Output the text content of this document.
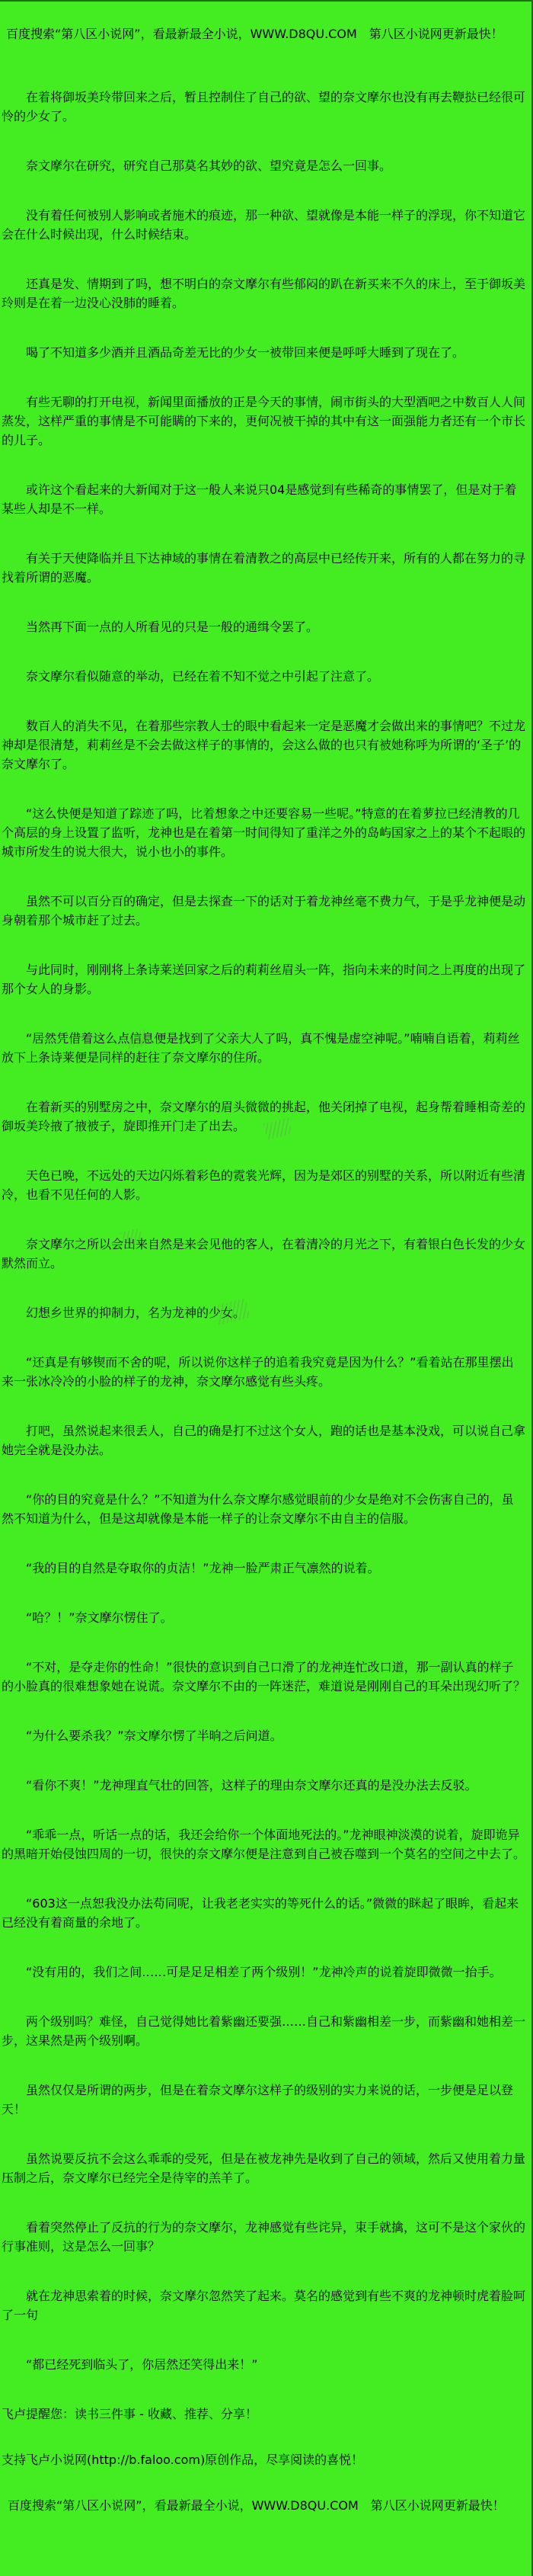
百度搜索“第八区小说网”，看最新最全小说，WWW.D8QU.COM　第八区小说网更新最快！

在着将御坂美玲带回来之后，暂且控制住了自己的欲、望的奈文摩尔也没有再去鞭挞已经很可怜的少女了。

奈文摩尔在研究，研究自己那莫名其妙的欲、望究竟是怎么一回事。

没有着任何被别人影响或者施术的痕迹，那一种欲、望就像是本能一样子的浮现，你不知道它会在什么时候出现，什么时候结束。

还真是发、情期到了吗，想不明白的奈文摩尔有些郁闷的趴在新买来不久的床上，至于御坂美玲则是在着一边没心没肺的睡着。

喝了不知道多少酒并且酒品奇差无比的少女一被带回来便是呼呼大睡到了现在了。

有些无聊的打开电视，新闻里面播放的正是今天的事情，闹市街头的大型酒吧之中数百人人间蒸发，这样严重的事情是不可能瞒的下来的，更何况被干掉的其中有这一面强能力者还有一个市长的儿子。

或许这个看起来的大新闻对于这一般人来说只04是感觉到有些稀奇的事情罢了，但是对于着某些人却是不一样。

有关于天使降临并且下达神域的事情在着清教之的高层中已经传开来，所有的人都在努力的寻找着所谓的恶魔。

当然再下面一点的人所看见的只是一般的通缉令罢了。

奈文摩尔看似随意的举动，已经在着不知不觉之中引起了注意了。

数百人的消失不见，在着那些宗教人士的眼中看起来一定是恶魔才会做出来的事情吧？不过龙神却是很清楚，莉莉丝是不会去做这样子的事情的，会这么做的也只有被她称呼为所谓的‘圣子’的奈文摩尔了。

“这么快便是知道了踪迹了吗，比着想象之中还要容易一些呢。”特意的在着萝拉已经清教的几个高层的身上设置了监听，龙神也是在着第一时间得知了重洋之外的岛屿国家之上的某个不起眼的城市所发生的说大很大，说小也小的事件。

虽然不可以百分百的确定，但是去探查一下的话对于着龙神丝毫不费力气，于是乎龙神便是动身朝着那个城市赶了过去。

与此同时，刚刚将上条诗莱送回家之后的莉莉丝眉头一阵，指向未来的时间之上再度的出现了那个女人的身影。

“居然凭借着这么点信息便是找到了父亲大人了吗，真不愧是虚空神呢。”喃喃自语着，莉莉丝放下上条诗莱便是同样的赶往了奈文摩尔的住所。

在着新买的别墅房之中，奈文摩尔的眉头微微的挑起，他关闭掉了电视，起身帮着睡相奇差的御坂美玲掖了掖被子，旋即推开门走了出去。

天色已晚，不远处的天边闪烁着彩色的霓裳光辉，因为是郊区的别墅的关系，所以附近有些清冷，也看不见任何的人影。

奈文摩尔之所以会出来自然是来会见他的客人，在着清冷的月光之下，有着银白色长发的少女默然而立。

幻想乡世界的抑制力，名为龙神的少女。

“还真是有够锲而不舍的呢，所以说你这样子的追着我究竟是因为什么？”看着站在那里摆出来一张冰冷冷的小脸的样子的龙神，奈文摩尔感觉有些头疼。

打吧，虽然说起来很丢人，自己的确是打不过这个女人，跑的话也是基本没戏，可以说自己拿她完全就是没办法。

“你的目的究竟是什么？”不知道为什么奈文摩尔感觉眼前的少女是绝对不会伤害自己的，虽然不知道为什么，但是这却就像是本能一样子的让奈文摩尔不由自主的信服。

“我的目的自然是夺取你的贞洁！”龙神一脸严肃正气凛然的说着。

“哈？！”奈文摩尔愣住了。

“不对，是夺走你的性命！”很快的意识到自己口滑了的龙神连忙改口道，那一副认真的样子的小脸真的很难想象她在说谎。奈文摩尔不由的一阵迷茫，难道说是刚刚自己的耳朵出现幻听了？

“为什么要杀我？”奈文摩尔愣了半晌之后问道。

“看你不爽！”龙神理直气壮的回答，这样子的理由奈文摩尔还真的是没办法去反驳。

“乖乖一点，听话一点的话，我还会给你一个体面地死法的。”龙神眼神淡漠的说着，旋即诡异的黑暗开始侵蚀四周的一切，很快的奈文摩尔便是注意到自己被吞噬到一个莫名的空间之中去了。

“603这一点恕我没办法苟同呢，让我老老实实的等死什么的话。”微微的眯起了眼眸，看起来已经没有着商量的余地了。

“没有用的，我们之间……可是足足相差了两个级别！”龙神冷声的说着旋即微微一抬手。

两个级别吗？难怪，自己觉得她比着紫幽还要强……自己和紫幽相差一步，而紫幽和她相差一步，这果然是两个级别啊。

虽然仅仅是所谓的两步，但是在着奈文摩尔这样子的级别的实力来说的话，一步便是足以登天！

虽然说要反抗不会这么乖乖的受死，但是在被龙神先是收到了自己的领域，然后又使用着力量压制之后，奈文摩尔已经完全是待宰的羔羊了。

看着突然停止了反抗的行为的奈文摩尔，龙神感觉有些诧异，束手就擒，这可不是这个家伙的行事准则，这是怎么一回事？

就在龙神思索着的时候，奈文摩尔忽然笑了起来。莫名的感觉到有些不爽的龙神顿时虎着脸呵了一句

“都已经死到临头了，你居然还笑得出来！”

飞卢提醒您：读书三件事 - 收藏、推荐、分享！

支持飞卢小说网(http://b.faloo.com)原创作品，尽享阅读的喜悦！

百度搜索“第八区小说网”，看最新最全小说，WWW.D8QU.COM　第八区小说网更新最快！
